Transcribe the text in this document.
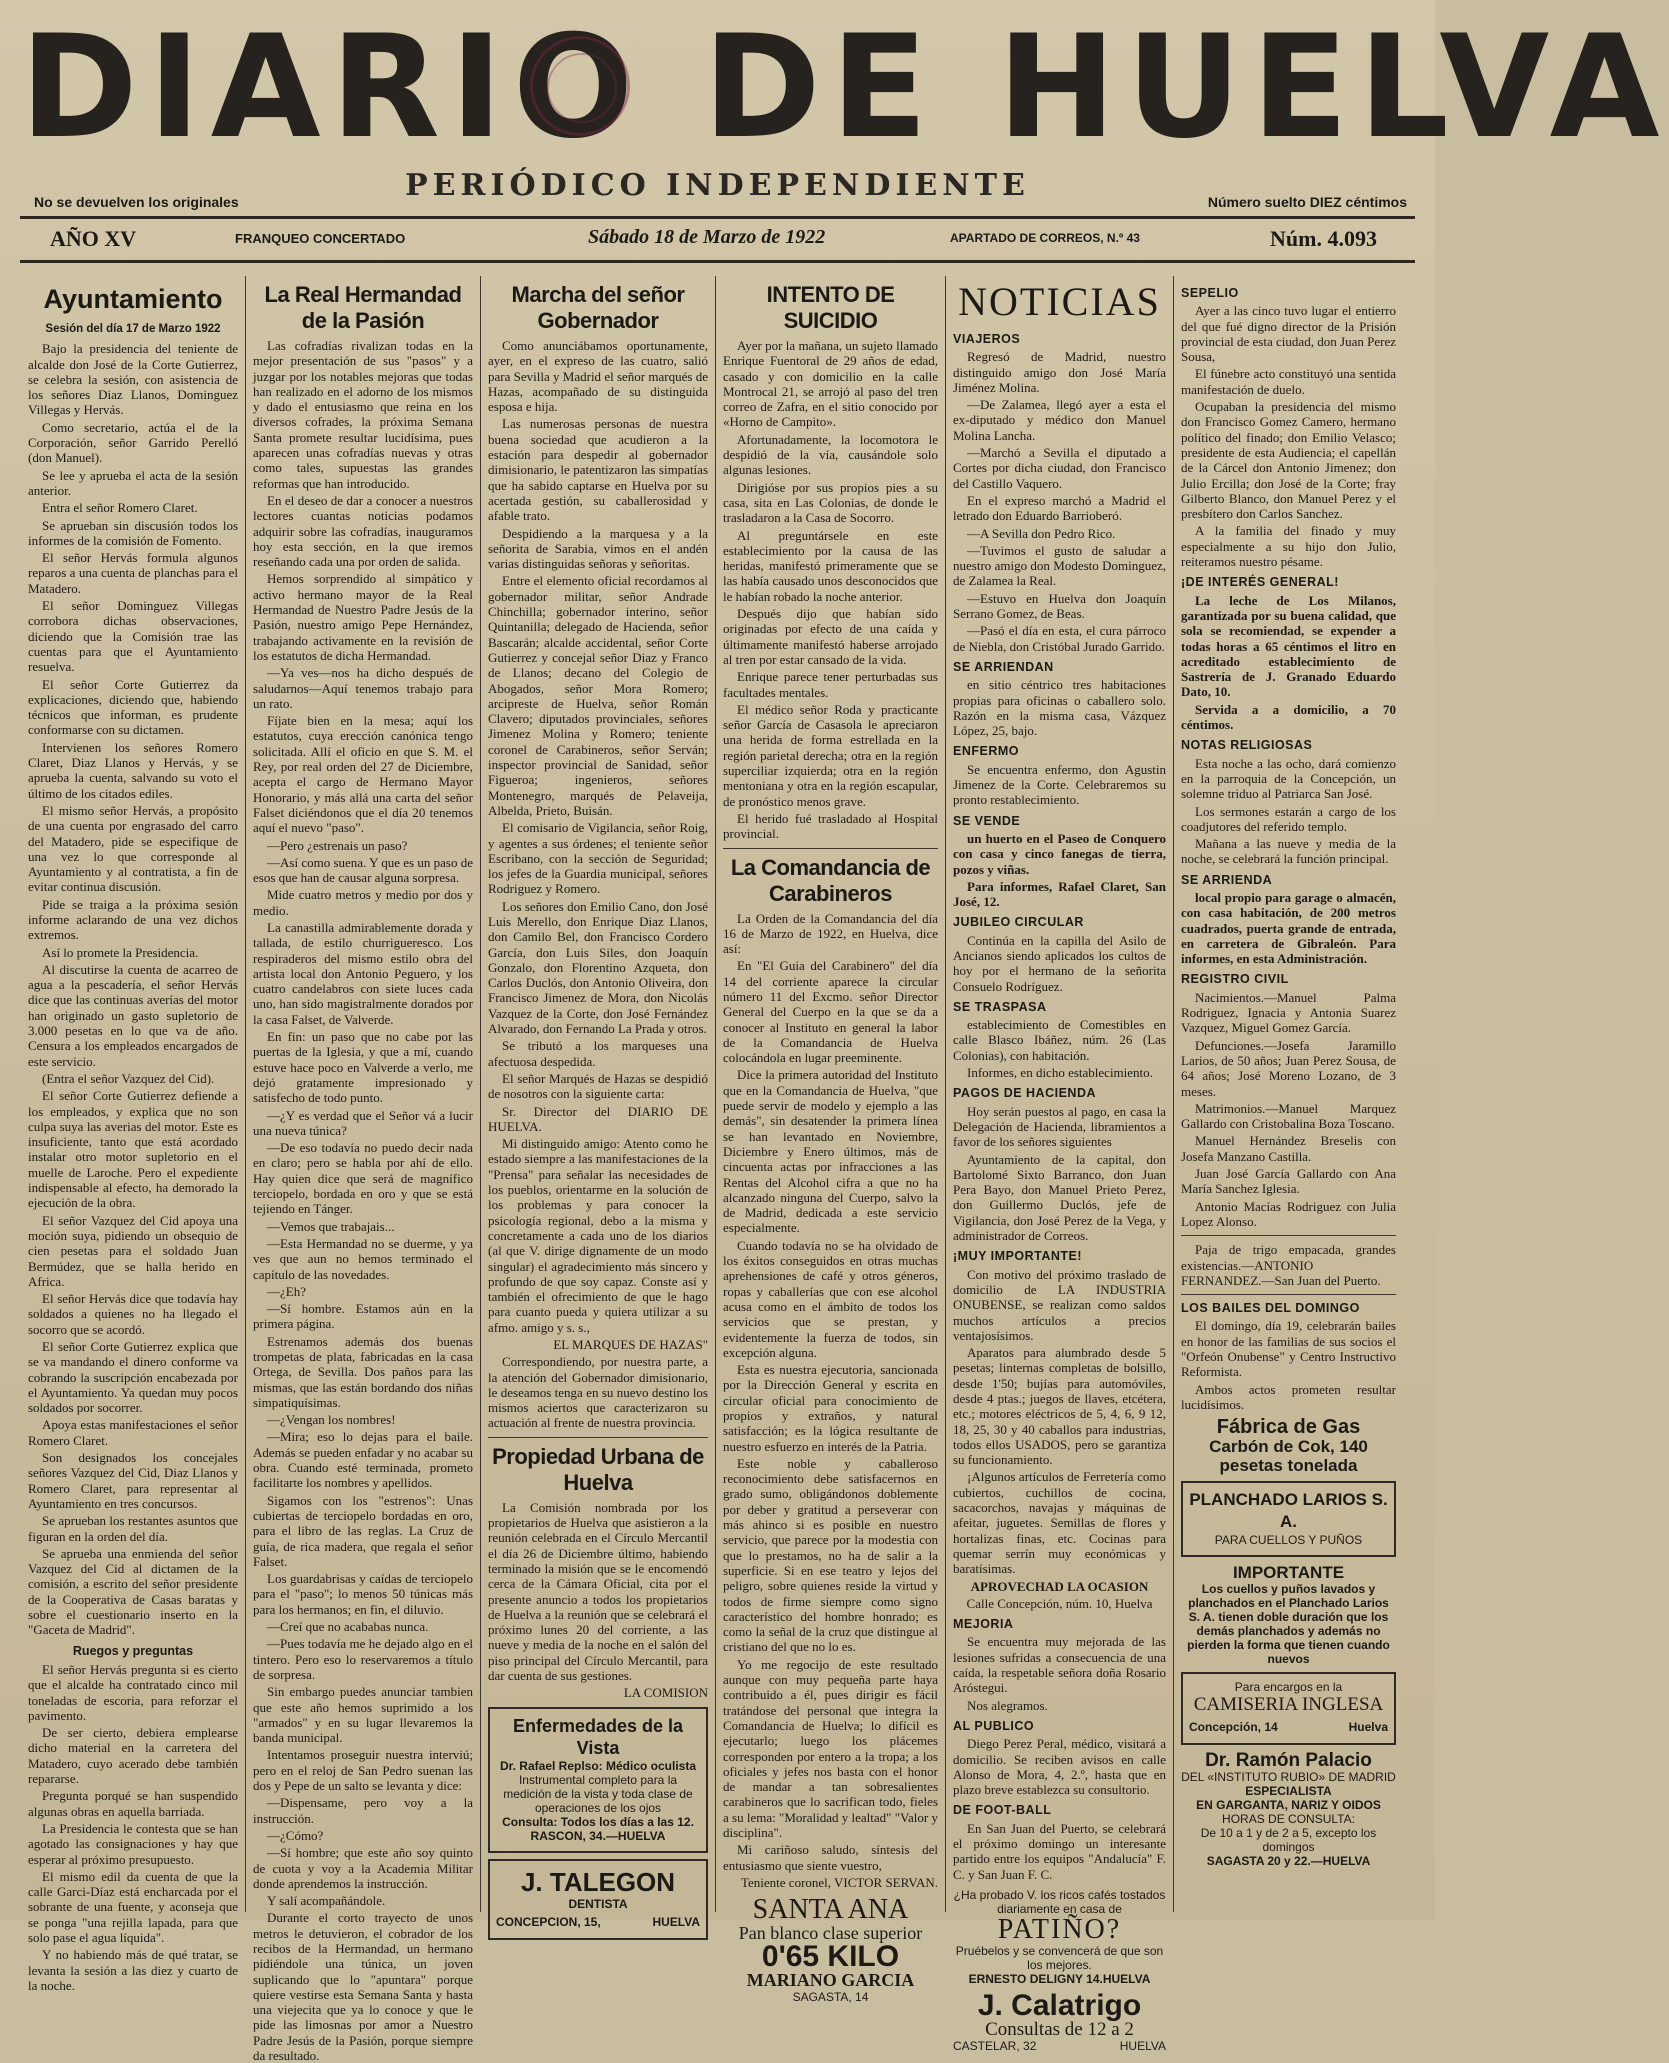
DIARIO DE HUELVA
PERIÓDICO INDEPENDIENTE
No se devuelven los originales	Número suelto DIEZ céntimos
AÑO XV	FRANQUEO CONCERTADO	Sábado 18 de Marzo de 1922	APARTADO DE CORREOS, N.º 43	Núm. 4.093
Ayuntamiento
Sesión del día 17 de Marzo 1922

Bajo la presidencia del teniente de alcalde don José de la Corte Gutierrez, se celebra la sesión, con asistencia de los señores Diaz Llanos, Dominguez Villegas y Hervás.

Como secretario, actúa el de la Corporación, señor Garrido Perelló (don Manuel).

Se lee y aprueba el acta de la sesión anterior.

Entra el señor Romero Claret.

Se aprueban sin discusión todos los informes de la comisión de Fomento.

El señor Hervás formula algunos reparos a una cuenta de planchas para el Matadero.

El señor Dominguez Villegas corrobora dichas observaciones, diciendo que la Comisión trae las cuentas para que el Ayuntamiento resuelva.

El señor Corte Gutierrez da explicaciones, diciendo que, habiendo técnicos que informan, es prudente conformarse con su dictamen.

Intervienen los señores Romero Claret, Diaz Llanos y Hervás, y se aprueba la cuenta, salvando su voto el último de los citados ediles.

El mismo señor Hervás, a propósito de una cuenta por engrasado del carro del Matadero, pide se especifique de una vez lo que corresponde al Ayuntamiento y al contratista, a fin de evitar continua discusión.

Pide se traiga a la próxima sesión informe aclarando de una vez dichos extremos.

Así lo promete la Presidencia.

Al discutirse la cuenta de acarreo de agua a la pescadería, el señor Hervás dice que las continuas averías del motor han originado un gasto supletorio de 3.000 pesetas en lo que va de año. Censura a los empleados encargados de este servicio.

(Entra el señor Vazquez del Cid).

El señor Corte Gutierrez defiende a los empleados, y explica que no son culpa suya las averias del motor. Este es insuficiente, tanto que está acordado instalar otro motor supletorio en el muelle de Laroche. Pero el expediente indispensable al efecto, ha demorado la ejecución de la obra.

El señor Vazquez del Cid apoya una moción suya, pidiendo un obsequio de cien pesetas para el soldado Juan Bermúdez, que se halla herido en Africa.

El señor Hervás dice que todavía hay soldados a quienes no ha llegado el socorro que se acordó.

El señor Corte Gutierrez explica que se va mandando el dinero conforme va cobrando la suscripción encabezada por el Ayuntamiento. Ya quedan muy pocos soldados por socorrer.

Apoya estas manifestaciones el señor Romero Claret.

Son designados los concejales señores Vazquez del Cid, Diaz Llanos y Romero Claret, para representar al Ayuntamiento en tres concursos.

Se aprueban los restantes asuntos que figuran en la orden del día.

Se aprueba una enmienda del señor Vazquez del Cid al dictamen de la comisión, a escrito del señor presidente de la Cooperativa de Casas baratas y sobre el cuestionario inserto en la "Gaceta de Madrid".

Ruegos y preguntas

El señor Hervás pregunta si es cierto que el alcalde ha contratado cinco mil toneladas de escoria, para reforzar el pavimento.

De ser cierto, debiera emplearse dicho material en la carretera del Matadero, cuyo acerado debe también repararse.

Pregunta porqué se han suspendido algunas obras en aquella barriada.

La Presidencia le contesta que se han agotado las consignaciones y hay que esperar al próximo presupuesto.

El mismo edil da cuenta de que la calle Garci-Díaz está encharcada por el sobrante de una fuente, y aconseja que se ponga "una rejilla lapada, para que solo pase el agua líquida".

Y no habiendo más de qué tratar, se levanta la sesión a las diez y cuarto de la noche.

La Real Hermandad de la Pasión

Las cofradías rivalizan todas en la mejor presentación de sus "pasos" y a juzgar por los notables mejoras que todas han realizado en el adorno de los mismos y dado el entusiasmo que reina en los diversos cofrades, la próxima Semana Santa promete resultar lucidísima, pues aparecen unas cofradías nuevas y otras como tales, supuestas las grandes reformas que han introducido.

En el deseo de dar a conocer a nuestros lectores cuantas noticias podamos adquirir sobre las cofradías, inauguramos hoy esta sección, en la que iremos reseñando cada una por orden de salida.

Hemos sorprendido al simpático y activo hermano mayor de la Real Hermandad de Nuestro Padre Jesús de la Pasión, nuestro amigo Pepe Hernández, trabajando activamente en la revisión de los estatutos de dicha Hermandad.

—Ya ves—nos ha dicho después de saludarnos—Aquí tenemos trabajo para un rato.

Fíjate bien en la mesa; aquí los estatutos, cuya erección canónica tengo solicitada. Allí el oficio en que S. M. el Rey, por real orden del 27 de Diciembre, acepta el cargo de Hermano Mayor Honorario, y más allá una carta del señor Falset diciéndonos que el día 20 tenemos aquí el nuevo "paso".

—Pero ¿estrenais un paso?

—Así como suena. Y que es un paso de esos que han de causar alguna sorpresa.

Mide cuatro metros y medio por dos y medio.

La canastilla admirablemente dorada y tallada, de estilo churrigueresco. Los respiraderos del mismo estilo obra del artista local don Antonio Peguero, y los cuatro candelabros con siete luces cada uno, han sido magistralmente dorados por la casa Falset, de Valverde.

En fin: un paso que no cabe por las puertas de la Iglesia, y que a mí, cuando estuve hace poco en Valverde a verlo, me dejó gratamente impresionado y satisfecho de todo punto.

—¿Y es verdad que el Señor vá a lucir una nueva túnica?

—De eso todavía no puedo decir nada en claro; pero se habla por ahí de ello. Hay quien dice que será de magnífico terciopelo, bordada en oro y que se está tejiendo en Tánger.

—Vemos que trabajais...

—Esta Hermandad no se duerme, y ya ves que aun no hemos terminado el capítulo de las novedades.

—¿Eh?

—Sí hombre. Estamos aún en la primera página.

Estrenamos además dos buenas trompetas de plata, fabricadas en la casa Ortega, de Sevilla. Dos paños para las mismas, que las están bordando dos niñas simpatiquísimas.

—¿Vengan los nombres!

—Mira; eso lo dejas para el baile. Además se pueden enfadar y no acabar su obra. Cuando esté terminada, prometo facilitarte los nombres y apellidos.

Sigamos con los "estrenos": Unas cubiertas de terciopelo bordadas en oro, para el libro de las reglas. La Cruz de guía, de rica madera, que regala el señor Falset.

Los guardabrisas y caídas de terciopelo para el "paso"; lo menos 50 túnicas más para los hermanos; en fin, el diluvio.

—Creí que no acababas nunca.

—Pues todavía me he dejado algo en el tintero. Pero eso lo reservaremos a título de sorpresa.

Sin embargo puedes anunciar tambien que este año hemos suprimido a los "armados" y en su lugar llevaremos la banda municipal.

Intentamos proseguir nuestra interviú; pero en el reloj de San Pedro suenan las dos y Pepe de un salto se levanta y dice:

—Dispensame, pero voy a la instrucción.

—¿Cómo?

—Sí hombre; que este año soy quinto de cuota y voy a la Academia Militar donde aprendemos la instrucción.

Y salí acompañándole.

Durante el corto trayecto de unos metros le detuvieron, el cobrador de los recibos de la Hermandad, un hermano pidiéndole una túnica, un joven suplicando que lo "apuntara" porque quiere vestirse esta Semana Santa y hasta una viejecita que ya lo conoce y que le pide las limosnas por amor a Nuestro Padre Jesús de la Pasión, porque siempre da resultado.

Marcha del señor Gobernador

Como anunciábamos oportunamente, ayer, en el expreso de las cuatro, salió para Sevilla y Madrid el señor marqués de Hazas, acompañado de su distinguida esposa e hija.

Las numerosas personas de nuestra buena sociedad que acudieron a la estación para despedir al gobernador dimisionario, le patentizaron las simpatías que ha sabido captarse en Huelva por su acertada gestión, su caballerosidad y afable trato.

Despidiendo a la marquesa y a la señorita de Sarabia, vimos en el andén varias distinguidas señoras y señoritas.

Entre el elemento oficial recordamos al gobernador militar, señor Andrade Chinchilla; gobernador interino, señor Quintanilla; delegado de Hacienda, señor Bascarán; alcalde accidental, señor Corte Gutierrez y concejal señor Diaz y Franco de Llanos; decano del Colegio de Abogados, señor Mora Romero; arcipreste de Huelva, señor Román Clavero; diputados provinciales, señores Jimenez Molina y Romero; teniente coronel de Carabineros, señor Serván; inspector provincial de Sanidad, señor Figueroa; ingenieros, señores Montenegro, marqués de Pelaveija, Albelda, Prieto, Buisán.

El comisario de Vigilancia, señor Roig, y agentes a sus órdenes; el teniente señor Escribano, con la sección de Seguridad; los jefes de la Guardia municipal, señores Rodriguez y Romero.

Los señores don Emilio Cano, don José Luis Merello, don Enrique Diaz Llanos, don Camilo Bel, don Francisco Cordero García, don Luis Siles, don Joaquín Gonzalo, don Florentino Azqueta, don Carlos Duclós, don Antonio Oliveira, don Francisco Jimenez de Mora, don Nicolás Vazquez de la Corte, don José Fernández Alvarado, don Fernando La Prada y otros.

Se tributó a los marqueses una afectuosa despedida.

El señor Marqués de Hazas se despidió de nosotros con la siguiente carta:

Sr. Director del DIARIO DE HUELVA.

Mi distinguido amigo: Atento como he estado siempre a las manifestaciones de la "Prensa" para señalar las necesidades de los pueblos, orientarme en la solución de los problemas y para conocer la psicología regional, debo a la misma y concretamente a cada uno de los diarios (al que V. dirige dignamente de un modo singular) el agradecimiento más sincero y profundo de que soy capaz. Conste así y también el ofrecimiento de que le hago para cuanto pueda y quiera utilizar a su afmo. amigo y s. s.,

EL MARQUES DE HAZAS"

Correspondiendo, por nuestra parte, a la atención del Gobernador dimisionario, le deseamos tenga en su nuevo destino los mismos aciertos que caracterizaron su actuación al frente de nuestra provincia.

Propiedad Urbana de Huelva

La Comisión nombrada por los propietarios de Huelva que asistieron a la reunión celebrada en el Círculo Mercantil el día 26 de Diciembre último, habiendo terminado la misión que se le encomendó cerca de la Cámara Oficial, cita por el presente anuncio a todos los propietarios de Huelva a la reunión que se celebrará el próximo lunes 20 del corriente, a las nueve y media de la noche en el salón del piso principal del Círculo Mercantil, para dar cuenta de sus gestiones.

LA COMISION

Enfermedades de la Vista
Dr. Rafael Replso: Médico oculista
Instrumental completo para la medición de la vista y toda clase de operaciones de los ojos
Consulta: Todos los días a las 12.
RASCON, 34.—HUELVA
J. TALEGON
DENTISTA
CONCEPCION, 15,	HUELVA
INTENTO DE SUICIDIO

Ayer por la mañana, un sujeto llamado Enrique Fuentoral de 29 años de edad, casado y con domicilio en la calle Montrocal 21, se arrojó al paso del tren correo de Zafra, en el sitio conocido por «Horno de Campito».

Afortunadamente, la locomotora le despidió de la vía, causándole solo algunas lesiones.

Dirigióse por sus propios pies a su casa, sita en Las Colonias, de donde le trasladaron a la Casa de Socorro.

Al preguntársele en este establecimiento por la causa de las heridas, manifestó primeramente que se las había causado unos desconocidos que le habían robado la noche anterior.

Después dijo que habían sido originadas por efecto de una caída y últimamente manifestó haberse arrojado al tren por estar cansado de la vida.

Enrique parece tener perturbadas sus facultades mentales.

El médico señor Roda y practicante señor García de Casasola le apreciaron una herida de forma estrellada en la región parietal derecha; otra en la región superciliar izquierda; otra en la región mentoniana y otra en la región escapular, de pronóstico menos grave.

El herido fué trasladado al Hospital provincial.

La Comandancia de Carabineros

La Orden de la Comandancia del día 16 de Marzo de 1922, en Huelva, dice así:

En "El Guia del Carabinero" del día 14 del corriente aparece la circular número 11 del Excmo. señor Director General del Cuerpo en la que se da a conocer al Instituto en general la labor de la Comandancia de Huelva colocándola en lugar preeminente.

Dice la primera autoridad del Instituto que en la Comandancia de Huelva, "que puede servir de modelo y ejemplo a las demás", sin desatender la primera línea se han levantado en Noviembre, Diciembre y Enero últimos, más de cincuenta actas por infracciones a las Rentas del Alcohol cifra a que no ha alcanzado ninguna del Cuerpo, salvo la de Madrid, dedicada a este servicio especialmente.

Cuando todavía no se ha olvidado de los éxitos conseguidos en otras muchas aprehensiones de café y otros géneros, ropas y caballerías que con ese alcohol acusa como en el ámbito de todos los servicios que se prestan, y evidentemente la fuerza de todos, sin excepción alguna.

Esta es nuestra ejecutoria, sancionada por la Dirección General y escrita en circular oficial para conocimiento de propios y extraños, y natural satisfacción; es la lógica resultante de nuestro esfuerzo en interés de la Patria.

Este noble y caballeroso reconocimiento debe satisfacernos en grado sumo, obligándonos doblemente por deber y gratitud a perseverar con más ahinco si es posible en nuestro servicio, que parece por la modestia con que lo prestamos, no ha de salir a la superficie. Si en ese teatro y lejos del peligro, sobre quienes reside la virtud y todos de firme siempre como signo característico del hombre honrado; es como la señal de la cruz que distingue al cristiano del que no lo es.

Yo me regocijo de este resultado aunque con muy pequeña parte haya contribuido a él, pues dirigir es fácil tratándose del personal que integra la Comandancia de Huelva; lo difícil es ejecutarlo; luego los plácemes corresponden por entero a la tropa; a los oficiales y jefes nos basta con el honor de mandar a tan sobresalientes carabineros que lo sacrifican todo, fieles a su lema: "Moralidad y lealtad" "Valor y disciplina".

Mi cariñoso saludo, síntesis del entusiasmo que siente vuestro,

Teniente coronel, VICTOR SERVAN.

SANTA ANA
Pan blanco clase superior
0'65 KILO
MARIANO GARCIA
SAGASTA, 14
NOTICIAS
VIAJEROS

Regresó de Madrid, nuestro distinguido amigo don José María Jiménez Molina.

—De Zalamea, llegó ayer a esta el ex-diputado y médico don Manuel Molina Lancha.

—Marchó a Sevilla el diputado a Cortes por dicha ciudad, don Francisco del Castillo Vaquero.

En el expreso marchó a Madrid el letrado don Eduardo Barrioberó.

—A Sevilla don Pedro Rico.

—Tuvimos el gusto de saludar a nuestro amigo don Modesto Dominguez, de Zalamea la Real.

—Estuvo en Huelva don Joaquín Serrano Gomez, de Beas.

—Pasó el día en esta, el cura párroco de Niebla, don Cristóbal Jurado Garrido.

SE ARRIENDAN

en sitio céntrico tres habitaciones propias para oficinas o caballero solo. Razón en la misma casa, Vázquez López, 25, bajo.

ENFERMO

Se encuentra enfermo, don Agustin Jimenez de la Corte. Celebraremos su pronto restablecimiento.

SE VENDE

un huerto en el Paseo de Conquero con casa y cinco fanegas de tierra, pozos y viñas.

Para informes, Rafael Claret, San José, 12.

JUBILEO CIRCULAR

Continúa en la capilla del Asilo de Ancianos siendo aplicados los cultos de hoy por el hermano de la señorita Consuelo Rodríguez.

SE TRASPASA

establecimiento de Comestibles en calle Blasco Ibáñez, núm. 26 (Las Colonias), con habitación.

Informes, en dicho establecimiento.

PAGOS DE HACIENDA

Hoy serán puestos al pago, en casa la Delegación de Hacienda, libramientos a favor de los señores siguientes

Ayuntamiento de la capital, don Bartolomé Sixto Barranco, don Juan Pera Bayo, don Manuel Prieto Perez, don Guillermo Duclós, jefe de Vigilancia, don José Perez de la Vega, y administrador de Correos.

¡MUY IMPORTANTE!

Con motivo del próximo traslado de domicilio de LA INDUSTRIA ONUBENSE, se realizan como saldos muchos artículos a precios ventajosísimos.

Aparatos para alumbrado desde 5 pesetas; linternas completas de bolsillo, desde 1'50; bujías para automóviles, desde 4 ptas.; juegos de llaves, etcétera, etc.; motores eléctricos de 5, 4, 6, 9 12, 18, 25, 30 y 40 caballos para industrias, todos ellos USADOS, pero se garantiza su funcionamiento.

¡Algunos artículos de Ferretería como cubiertos, cuchillos de cocina, sacacorchos, navajas y máquinas de afeitar, juguetes. Semillas de flores y hortalizas finas, etc. Cocinas para quemar serrín muy económicas y baratísimas.

APROVECHAD LA OCASION

Calle Concepción, núm. 10, Huelva

MEJORIA

Se encuentra muy mejorada de las lesiones sufridas a consecuencia de una caída, la respetable señora doña Rosario Aróstegui.

Nos alegramos.

AL PUBLICO

Diego Perez Peral, médico, visitará a domicilio. Se reciben avisos en calle Alonso de Mora, 4, 2.º, hasta que en plazo breve establezca su consultorio.

DE FOOT-BALL

En San Juan del Puerto, se celebrará el próximo domingo un interesante partido entre los equipos "Andalucía" F. C. y San Juan F. C.

¿Ha probado V. los ricos cafés tostados diariamente en casa de
PATIÑO?
Pruébelos y se convencerá de que son los mejores.
ERNESTO DELIGNY 14.HUELVA
J. Calatrigo
Consultas de 12 a 2
CASTELAR, 32	HUELVA
SEPELIO

Ayer a las cinco tuvo lugar el entierro del que fué digno director de la Prisión provincial de esta ciudad, don Juan Perez Sousa,

El fúnebre acto constituyó una sentida manifestación de duelo.

Ocupaban la presidencia del mismo don Francisco Gomez Camero, hermano político del finado; don Emilio Velasco; presidente de esta Audiencia; el capellán de la Cárcel don Antonio Jimenez; don Julio Ercilla; don José de la Corte; fray Gilberto Blanco, don Manuel Perez y el presbítero don Carlos Sanchez.

A la familia del finado y muy especialmente a su hijo don Julio, reiteramos nuestro pésame.

¡DE INTERÉS GENERAL!

La leche de Los Milanos, garantizada por su buena calidad, que sola se recomiendad, se expender a todas horas a 65 céntimos el litro en acreditado establecimiento de Sastrería de J. Granado Eduardo Dato, 10.

Servida a a domicilio, a 70 céntimos.

NOTAS RELIGIOSAS

Esta noche a las ocho, dará comienzo en la parroquia de la Concepción, un solemne triduo al Patriarca San José.

Los sermones estarán a cargo de los coadjutores del referido templo.

Mañana a las nueve y media de la noche, se celebrará la función principal.

SE ARRIENDA

local propio para garage o almacén, con casa habitación, de 200 metros cuadrados, puerta grande de entrada, en carretera de Gibraleón. Para informes, en esta Administración.

REGISTRO CIVIL

Nacimientos.—Manuel Palma Rodriguez, Ignacia y Antonia Suarez Vazquez, Miguel Gomez García.

Defunciones.—Josefa Jaramillo Larios, de 50 años; Juan Perez Sousa, de 64 años; José Moreno Lozano, de 3 meses.

Matrimonios.—Manuel Marquez Gallardo con Cristobalina Boza Toscano.

Manuel Hernández Breselis con Josefa Manzano Castilla.

Juan José García Gallardo con Ana María Sanchez Iglesia.

Antonio Macías Rodriguez con Julia Lopez Alonso.

Paja de trigo empacada, grandes existencias.—ANTONIO FERNANDEZ.—San Juan del Puerto.

LOS BAILES DEL DOMINGO

El domingo, día 19, celebrarán bailes en honor de las familias de sus socios el "Orfeón Onubense" y Centro Instructivo Reformista.

Ambos actos prometen resultar lucidísimos.

Fábrica de Gas
Carbón de Cok, 140 pesetas tonelada
PLANCHADO LARIOS S. A.
PARA CUELLOS Y PUÑOS
IMPORTANTE
Los cuellos y puños lavados y planchados en el Planchado Larios S. A. tienen doble duración que los demás planchados y además no pierden la forma que tienen cuando nuevos
Para encargos en la
CAMISERIA INGLESA
Concepción, 14	Huelva
Dr. Ramón Palacio
DEL «INSTITUTO RUBIO» DE MADRID
ESPECIALISTA
EN GARGANTA, NARIZ Y OIDOS
HORAS DE CONSULTA:
De 10 a 1 y de 2 a 5, excepto los domingos
SAGASTA 20 y 22.—HUELVA
